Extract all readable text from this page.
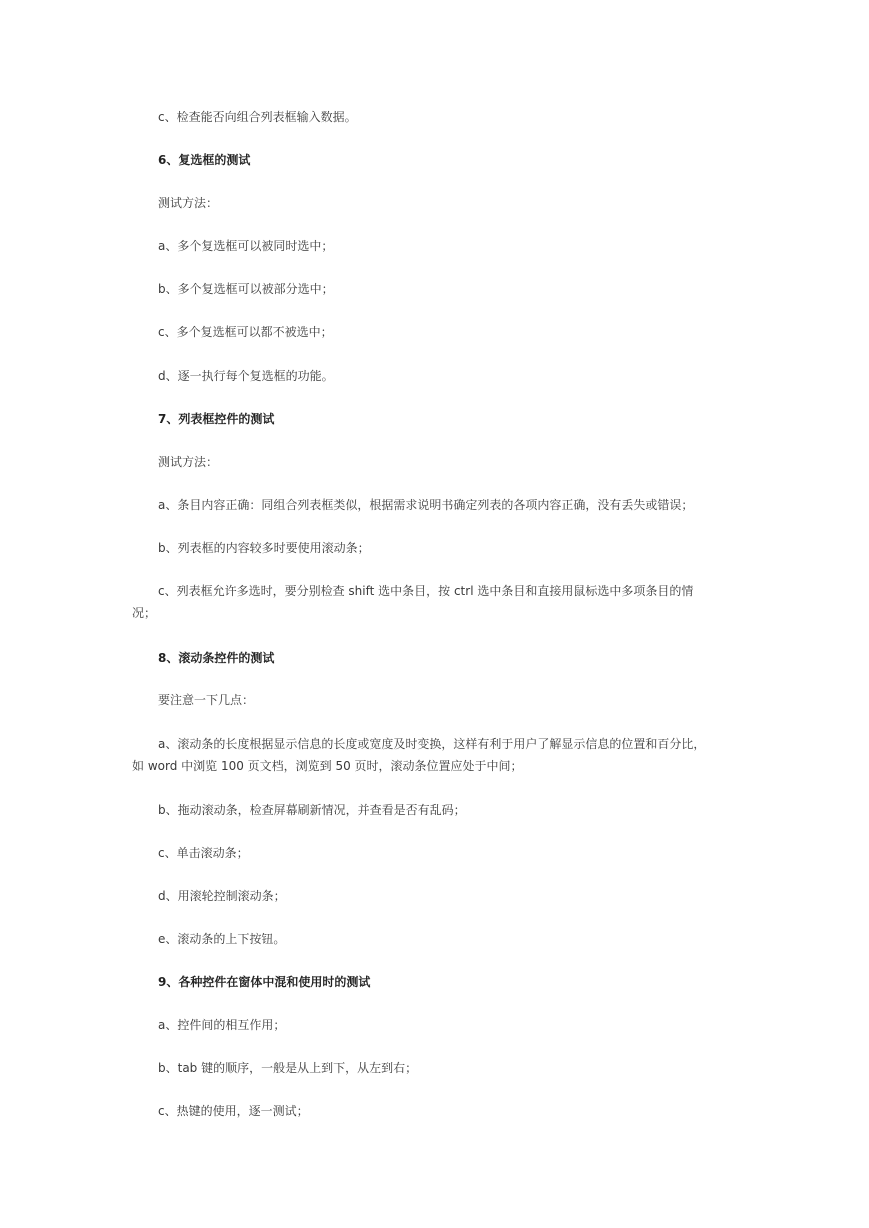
c、检查能否向组合列表框输入数据。
6、复选框的测试
测试方法：
a、多个复选框可以被同时选中；
b、多个复选框可以被部分选中；
c、多个复选框可以都不被选中；
d、逐一执行每个复选框的功能。
7、列表框控件的测试
测试方法：
a、条目内容正确：同组合列表框类似，根据需求说明书确定列表的各项内容正确，没有丢失或错误；
b、列表框的内容较多时要使用滚动条；
c、列表框允许多选时，要分别检查 shift 选中条目，按 ctrl 选中条目和直接用鼠标选中多项条目的情
况；
8、滚动条控件的测试
要注意一下几点：
a、滚动条的长度根据显示信息的长度或宽度及时变换，这样有利于用户了解显示信息的位置和百分比，
如 word 中浏览 100 页文档，浏览到 50 页时，滚动条位置应处于中间；
b、拖动滚动条，检查屏幕刷新情况，并查看是否有乱码；
c、单击滚动条；
d、用滚轮控制滚动条；
e、滚动条的上下按钮。
9、各种控件在窗体中混和使用时的测试
a、控件间的相互作用；
b、tab 键的顺序，一般是从上到下，从左到右；
c、热键的使用，逐一测试；
